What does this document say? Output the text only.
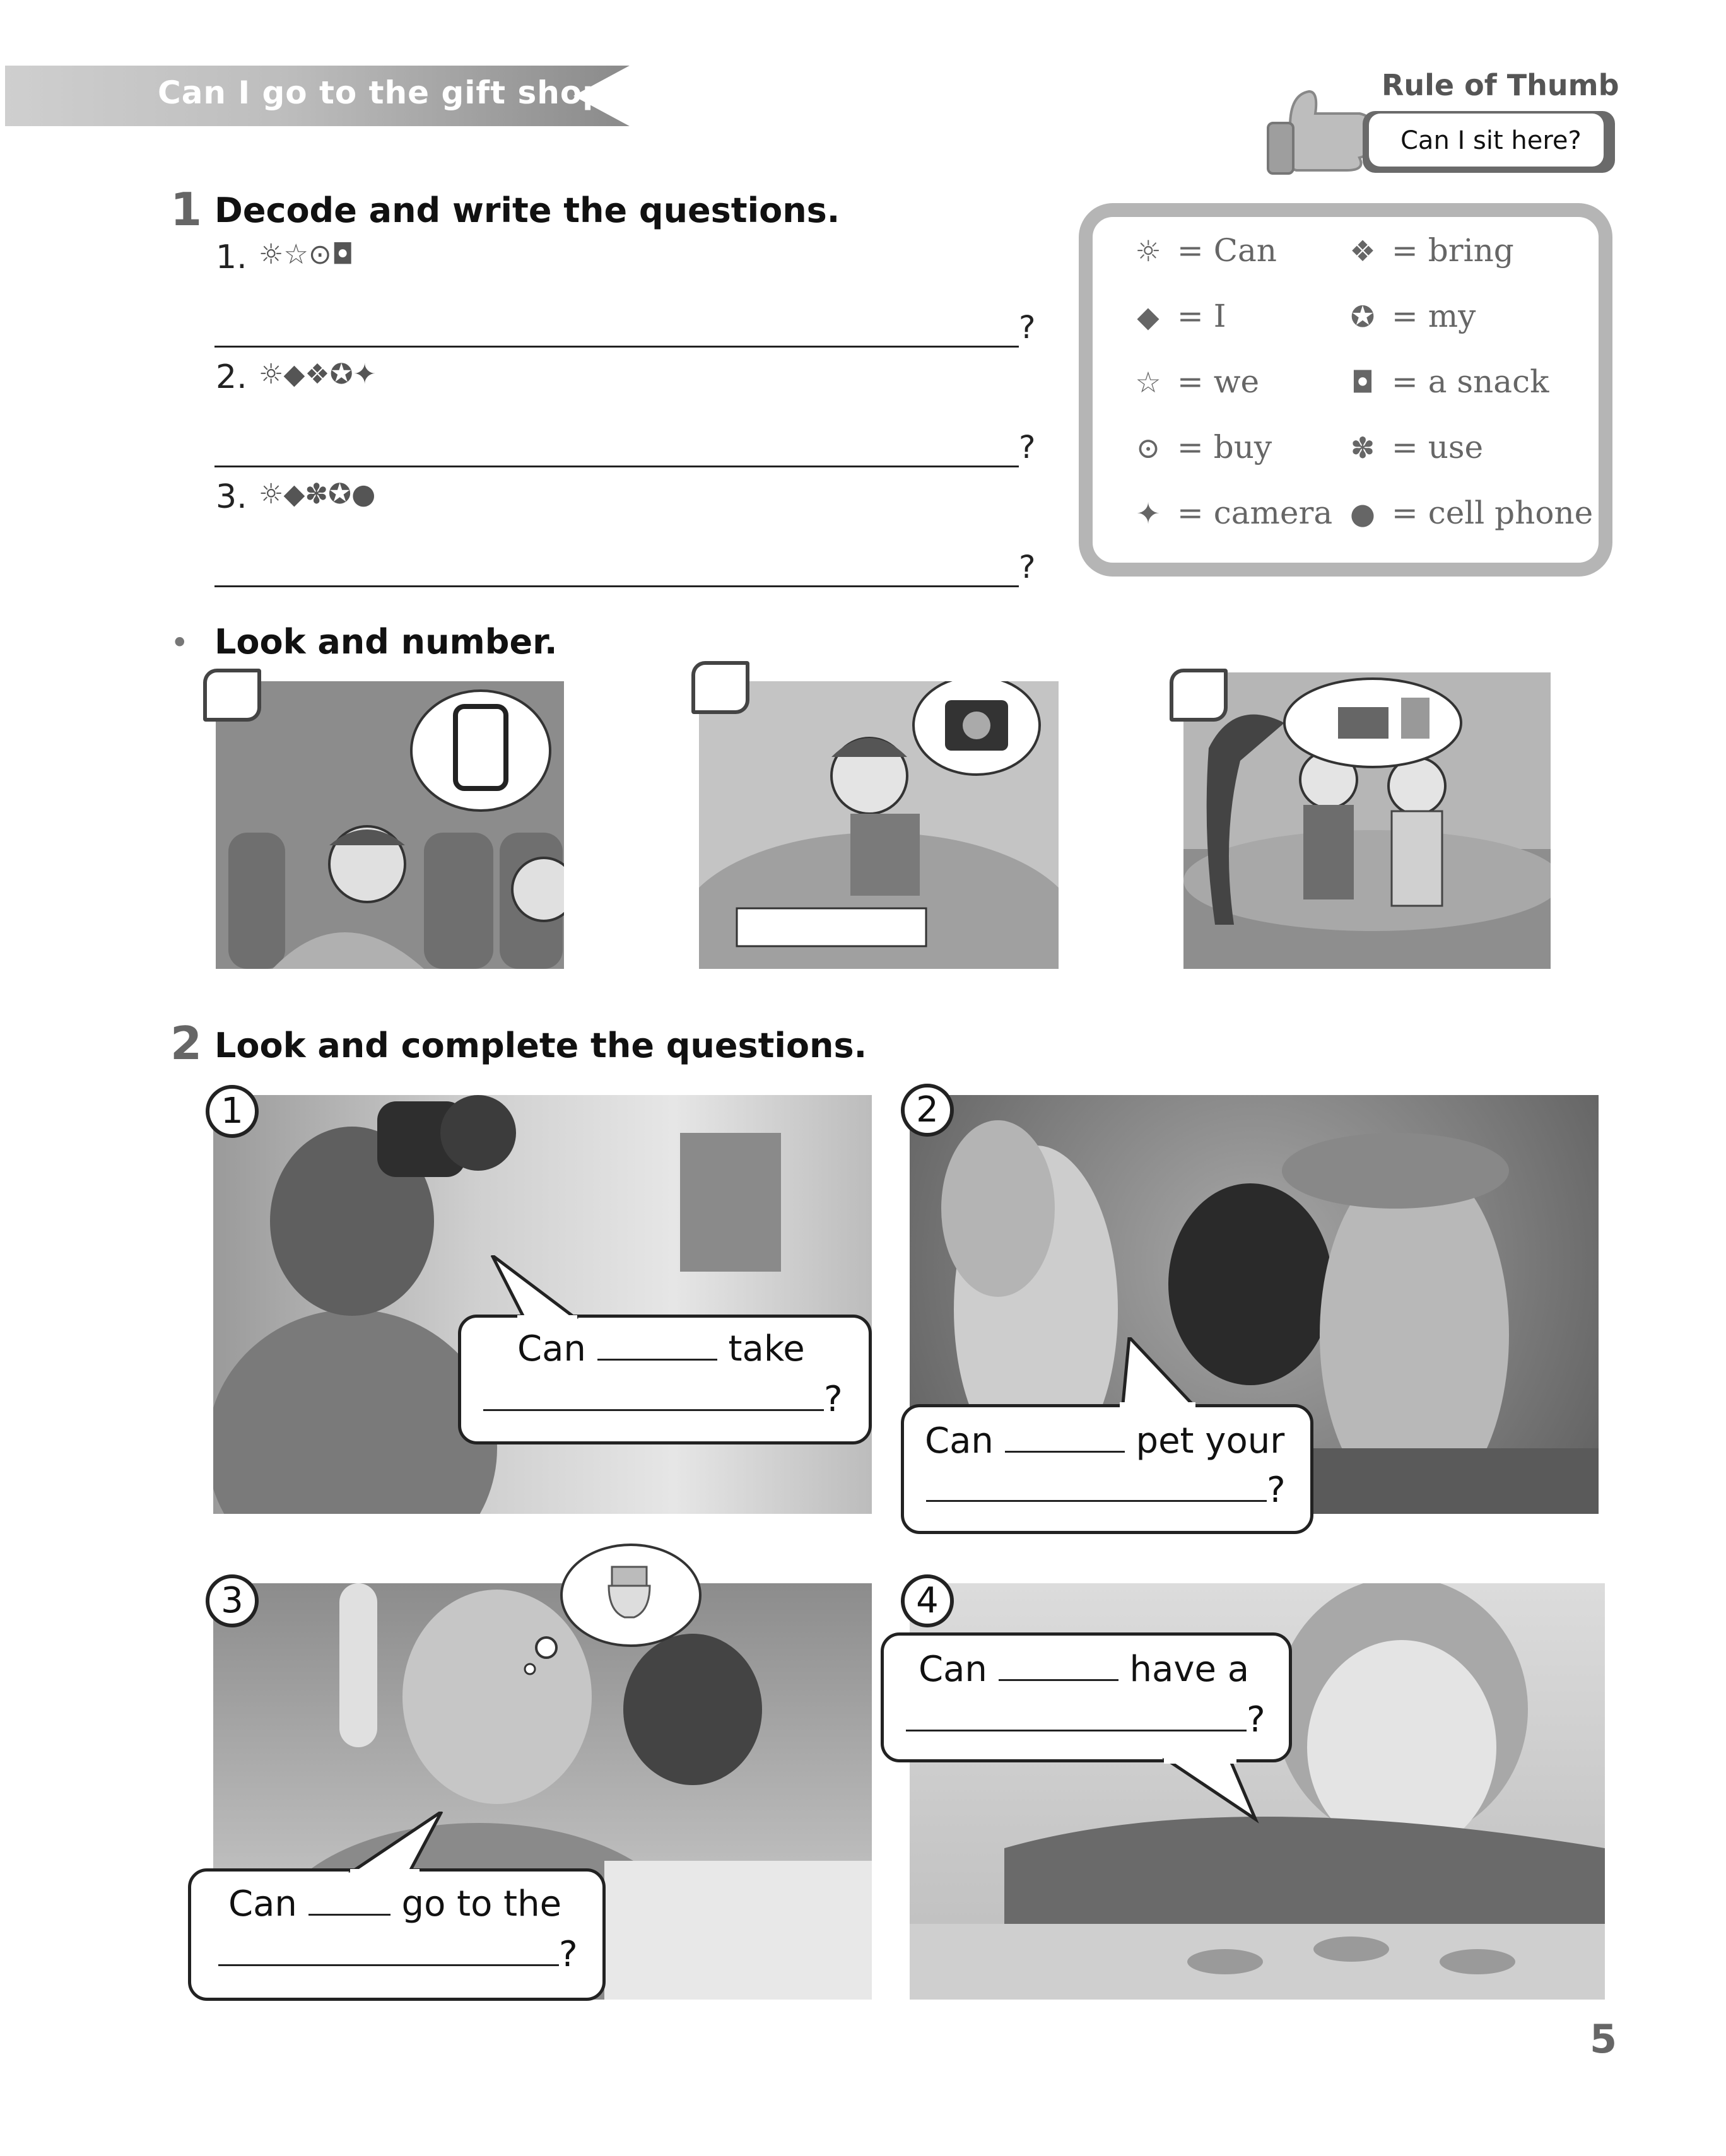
Can I go to the gift shop?	Rule of Thumb
Can I sit here?
1 Decode and write the questions.
1. ☼☆⊙◘
?
2. ☼◆❖✪✦
?
3. ☼◆✽✪●
?
☼ = Can	❖ = bring
◆ = I	✪ = my
☆ = we	◘ = a snack
⊙ = buy	✽ = use
✦ = camera ● = cell phone
• Look and number.
2 Look and complete the questions.
1
Can	take
?
2
Can	pet your
?
3
Can	go to the
?
4
Can	have a
?
5
